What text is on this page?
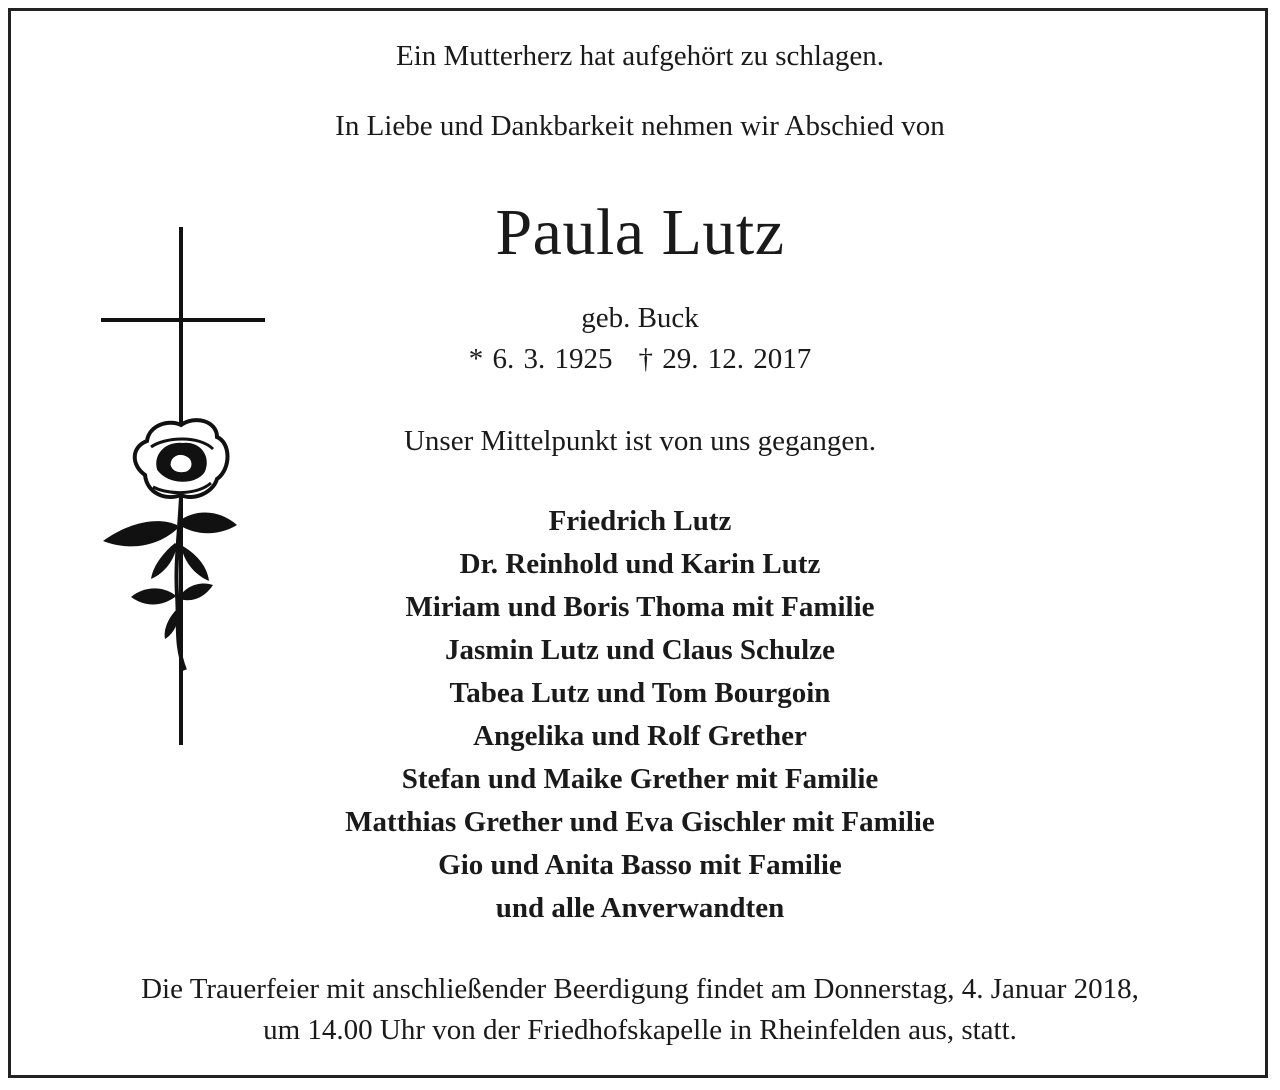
Ein Mutterherz hat aufgehört zu schlagen.
In Liebe und Dankbarkeit nehmen wir Abschied von
Paula Lutz
geb. Buck
* 6. 3. 1925 † 29. 12. 2017
Unser Mittelpunkt ist von uns gegangen.
Friedrich Lutz
Dr. Reinhold und Karin Lutz
Miriam und Boris Thoma mit Familie
Jasmin Lutz und Claus Schulze
Tabea Lutz und Tom Bourgoin
Angelika und Rolf Grether
Stefan und Maike Grether mit Familie
Matthias Grether und Eva Gischler mit Familie
Gio und Anita Basso mit Familie
und alle Anverwandten
Die Trauerfeier mit anschließender Beerdigung findet am Donnerstag, 4. Januar 2018,
um 14.00 Uhr von der Friedhofskapelle in Rheinfelden aus, statt.
